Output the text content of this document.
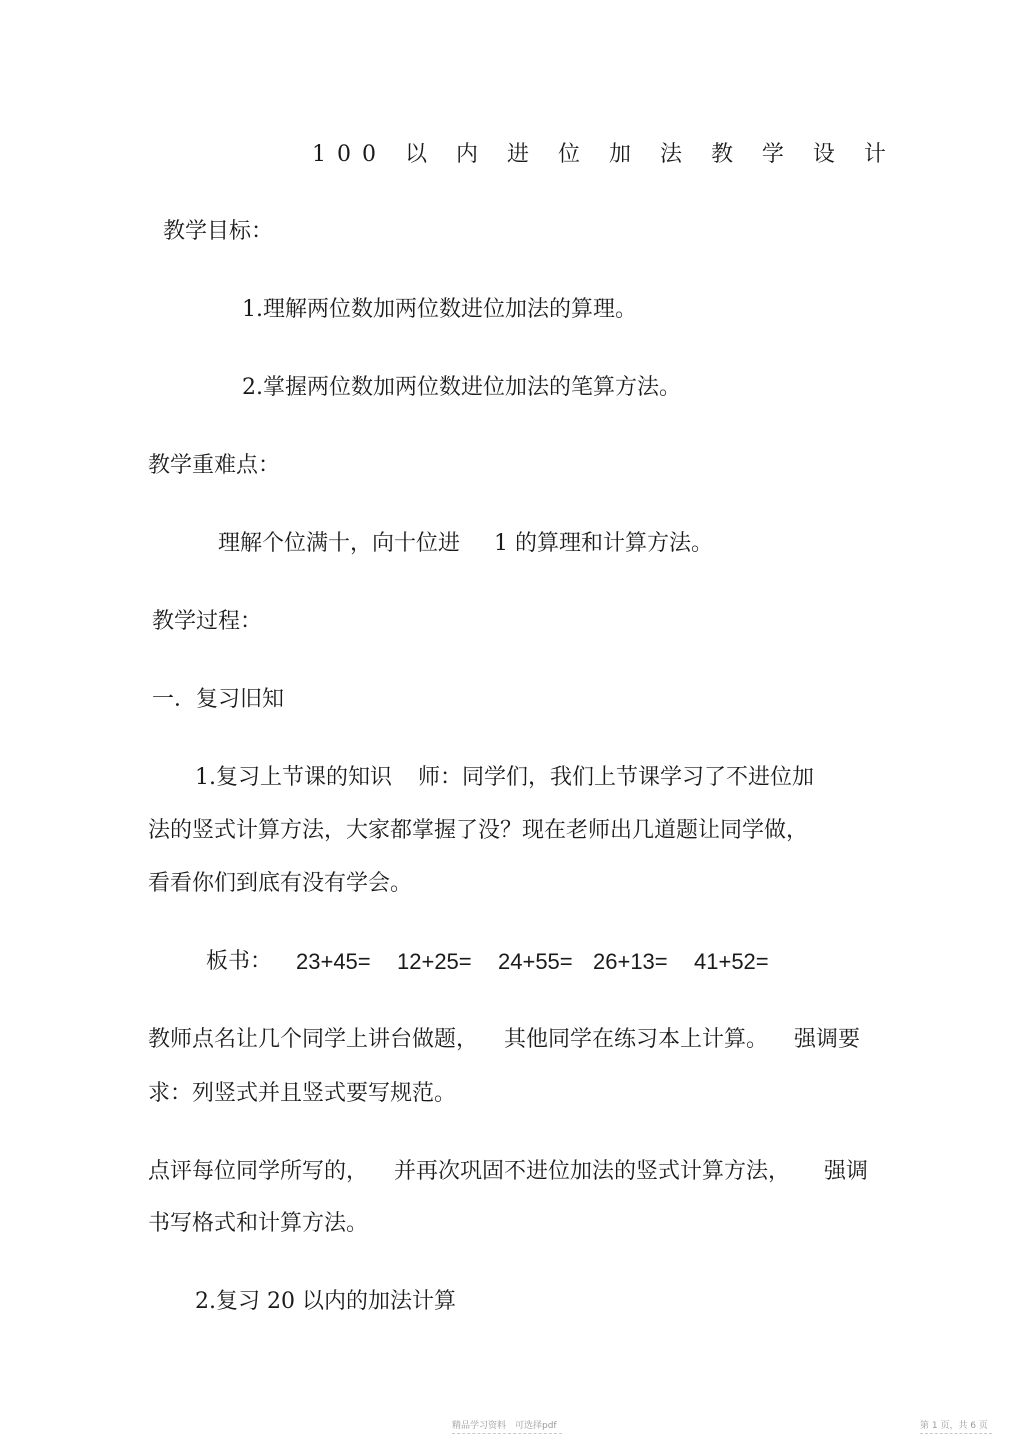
100 以 内 进 位 加 法 教 学 设 计
教学目标：
1.理解两位数加两位数进位加法的算理。
2.掌握两位数加两位数进位加法的笔算方法。
教学重难点：
理解个位满十，向十位进 1 的算理和计算方法。
教学过程：
一．复习旧知
1.复习上节课的知识 师：同学们，我们上节课学习了不进位加
法的竖式计算方法，大家都掌握了没？现在老师出几道题让同学做，
看看你们到底有没有学会。
板书： 23+45= 12+25= 24+55= 26+13= 41+52=
教师点名让几个同学上讲台做题， 其他同学在练习本上计算。 强调要
求：列竖式并且竖式要写规范。
点评每位同学所写的， 并再次巩固不进位加法的竖式计算方法， 强调
书写格式和计算方法。
2.复习 20 以内的加法计算
精品学习资料　可选择pdf	第 1 页，共 6 页
